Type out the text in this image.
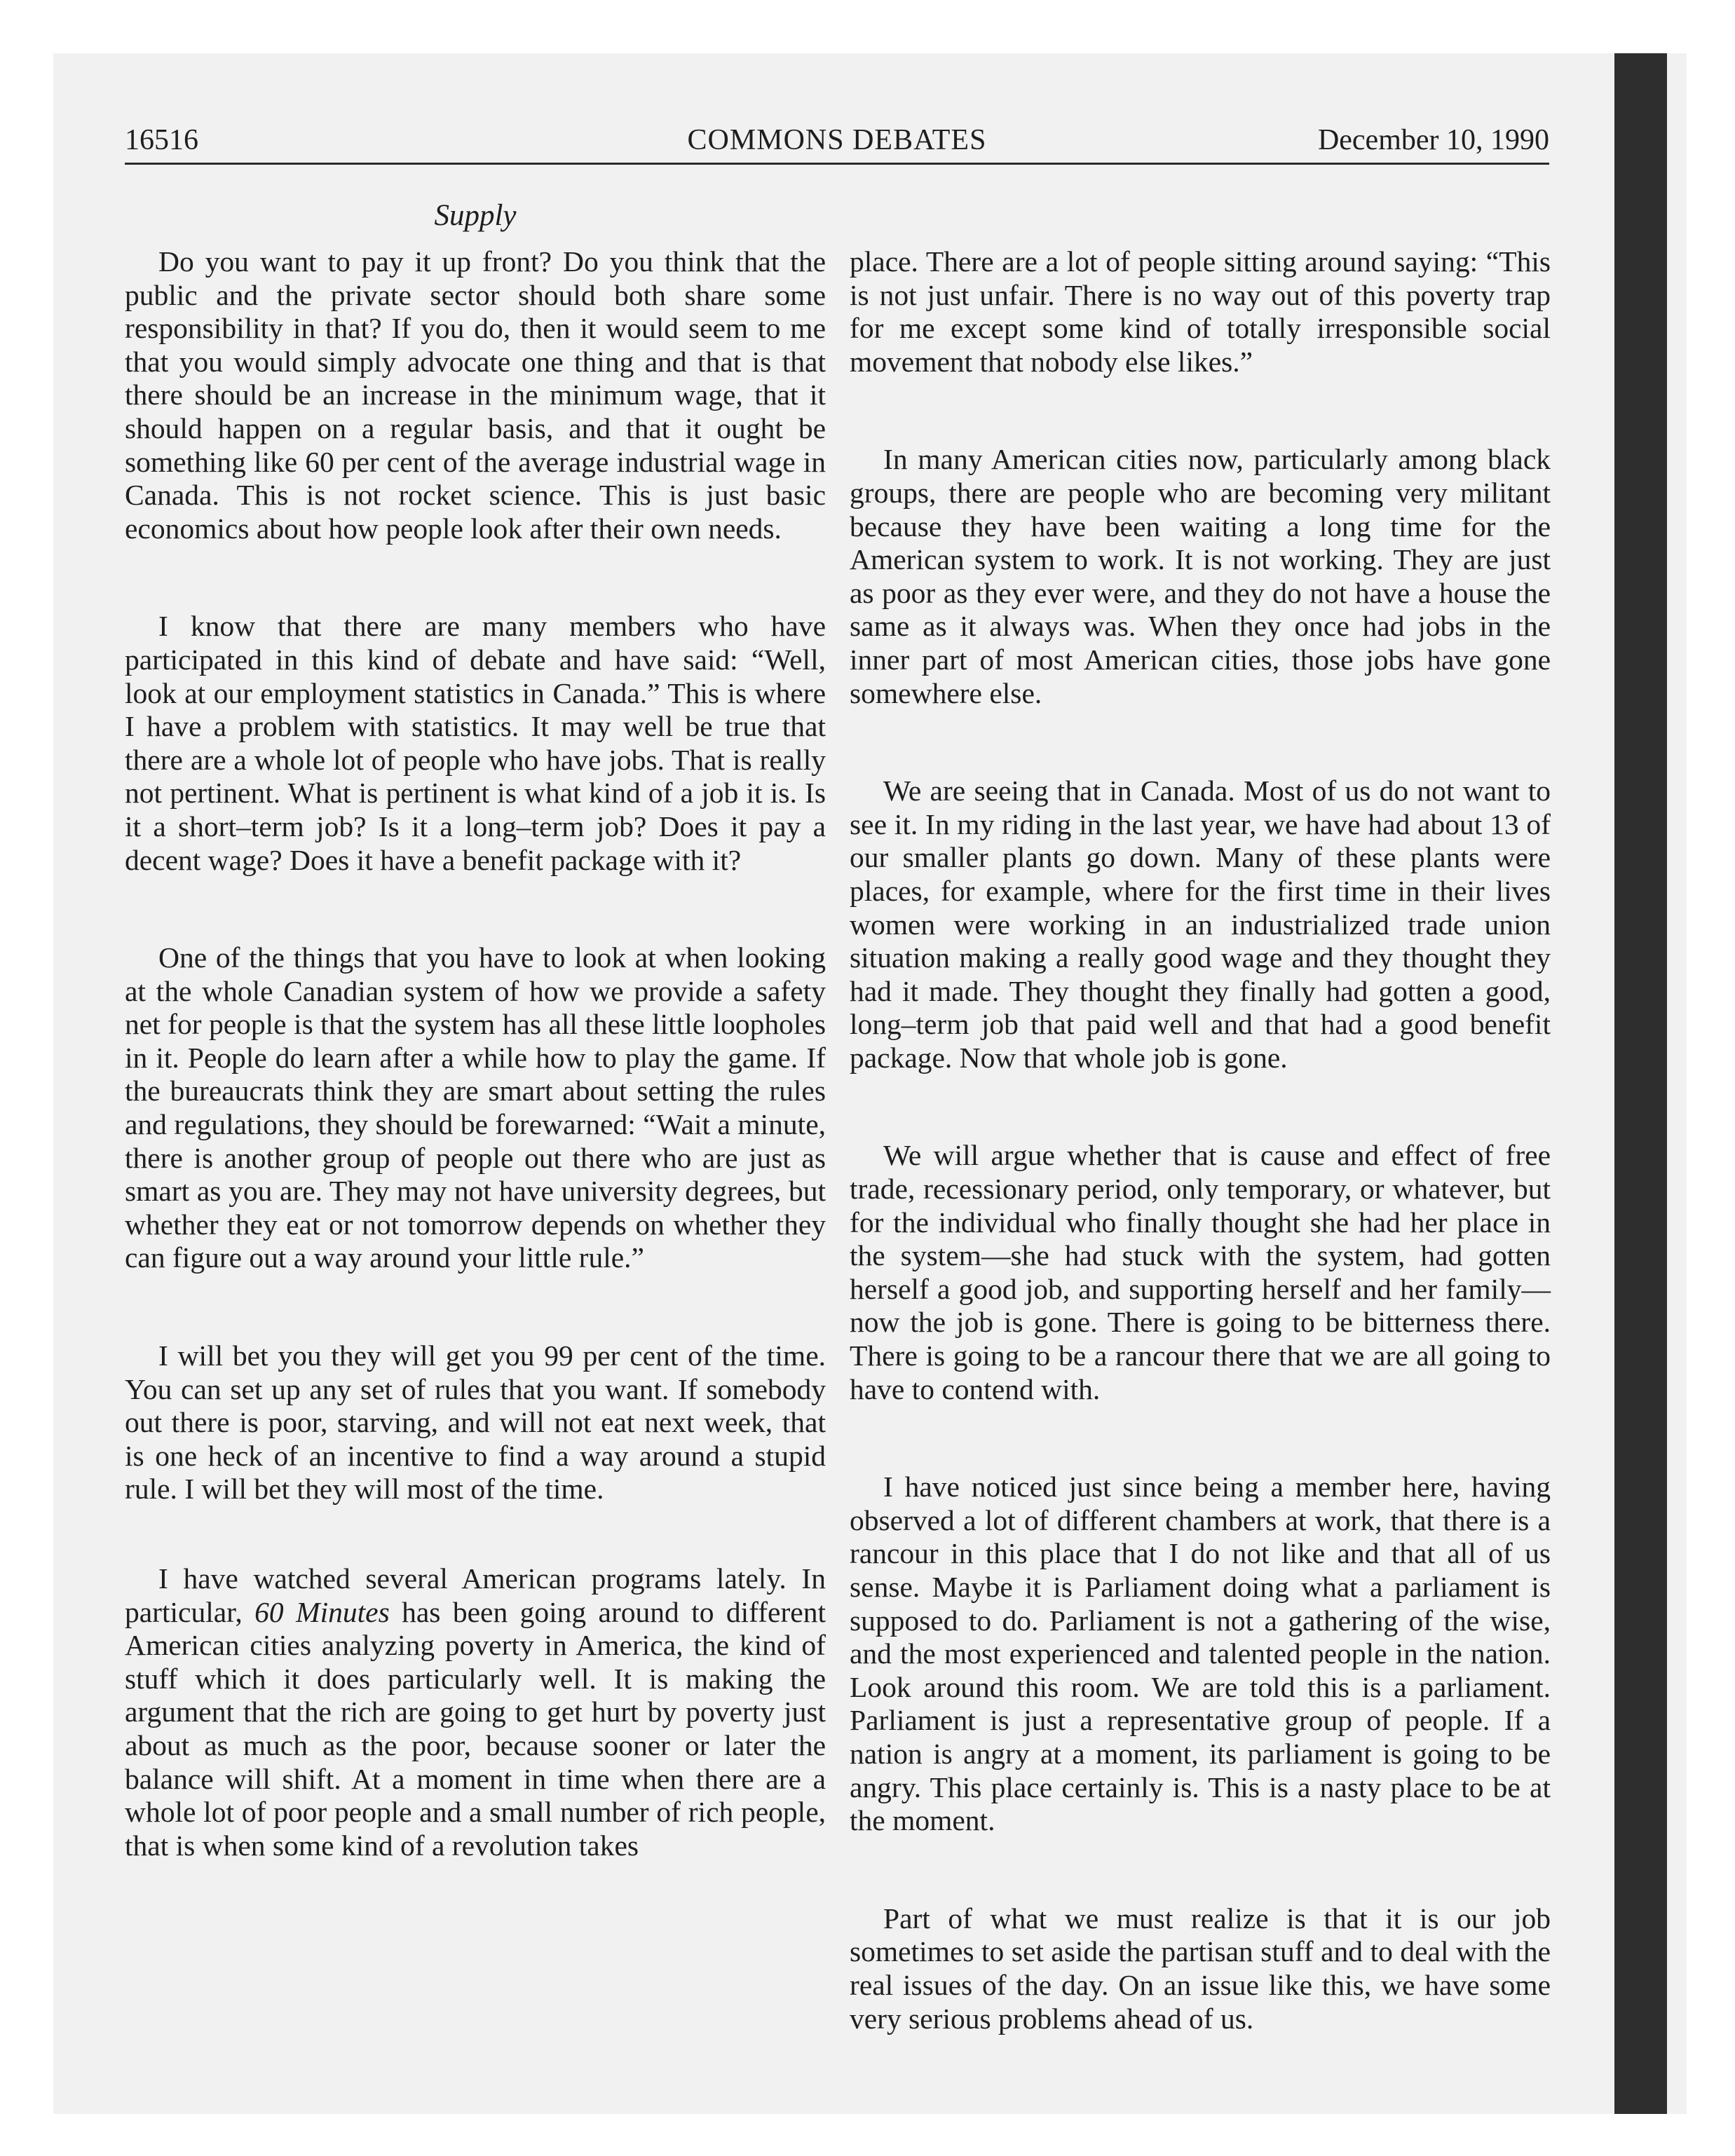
16516	COMMONS DEBATES	December 10, 1990
Supply

Do you want to pay it up front? Do you think that the public and the private sector should both share some responsibility in that? If you do, then it would seem to me that you would simply advocate one thing and that is that there should be an increase in the minimum wage, that it should happen on a regular basis, and that it ought be something like 60 per cent of the average industrial wage in Canada. This is not rocket science. This is just basic economics about how people look after their own needs.

I know that there are many members who have participated in this kind of debate and have said: “Well, look at our employment statistics in Canada.” This is where I have a problem with statistics. It may well be true that there are a whole lot of people who have jobs. That is really not pertinent. What is pertinent is what kind of a job it is. Is it a short–term job? Is it a long–term job? Does it pay a decent wage? Does it have a benefit package with it?

One of the things that you have to look at when looking at the whole Canadian system of how we provide a safety net for people is that the system has all these little loopholes in it. People do learn after a while how to play the game. If the bureaucrats think they are smart about setting the rules and regulations, they should be forewarned: “Wait a minute, there is another group of people out there who are just as smart as you are. They may not have university degrees, but whether they eat or not tomorrow depends on whether they can figure out a way around your little rule.”

I will bet you they will get you 99 per cent of the time. You can set up any set of rules that you want. If somebody out there is poor, starving, and will not eat next week, that is one heck of an incentive to find a way around a stupid rule. I will bet they will most of the time.

I have watched several American programs lately. In particular, 60 Minutes has been going around to different American cities analyzing poverty in America, the kind of stuff which it does particularly well. It is making the argument that the rich are going to get hurt by poverty just about as much as the poor, because sooner or later the balance will shift. At a moment in time when there are a whole lot of poor people and a small number of rich people, that is when some kind of a revolution takes

place. There are a lot of people sitting around saying: “This is not just unfair. There is no way out of this poverty trap for me except some kind of totally irresponsible social movement that nobody else likes.”

In many American cities now, particularly among black groups, there are people who are becoming very militant because they have been waiting a long time for the American system to work. It is not working. They are just as poor as they ever were, and they do not have a house the same as it always was. When they once had jobs in the inner part of most American cities, those jobs have gone somewhere else.

We are seeing that in Canada. Most of us do not want to see it. In my riding in the last year, we have had about 13 of our smaller plants go down. Many of these plants were places, for example, where for the first time in their lives women were working in an industrialized trade union situation making a really good wage and they thought they had it made. They thought they finally had gotten a good, long–term job that paid well and that had a good benefit package. Now that whole job is gone.

We will argue whether that is cause and effect of free trade, recessionary period, only temporary, or whatever, but for the individual who finally thought she had her place in the system—she had stuck with the system, had gotten herself a good job, and supporting herself and her family—now the job is gone. There is going to be bitterness there. There is going to be a rancour there that we are all going to have to contend with.

I have noticed just since being a member here, having observed a lot of different chambers at work, that there is a rancour in this place that I do not like and that all of us sense. Maybe it is Parliament doing what a parliament is supposed to do. Parliament is not a gathering of the wise, and the most experienced and talented people in the nation. Look around this room. We are told this is a parliament. Parliament is just a representative group of people. If a nation is angry at a moment, its parliament is going to be angry. This place certainly is. This is a nasty place to be at the moment.

Part of what we must realize is that it is our job sometimes to set aside the partisan stuff and to deal with the real issues of the day. On an issue like this, we have some very serious problems ahead of us.
